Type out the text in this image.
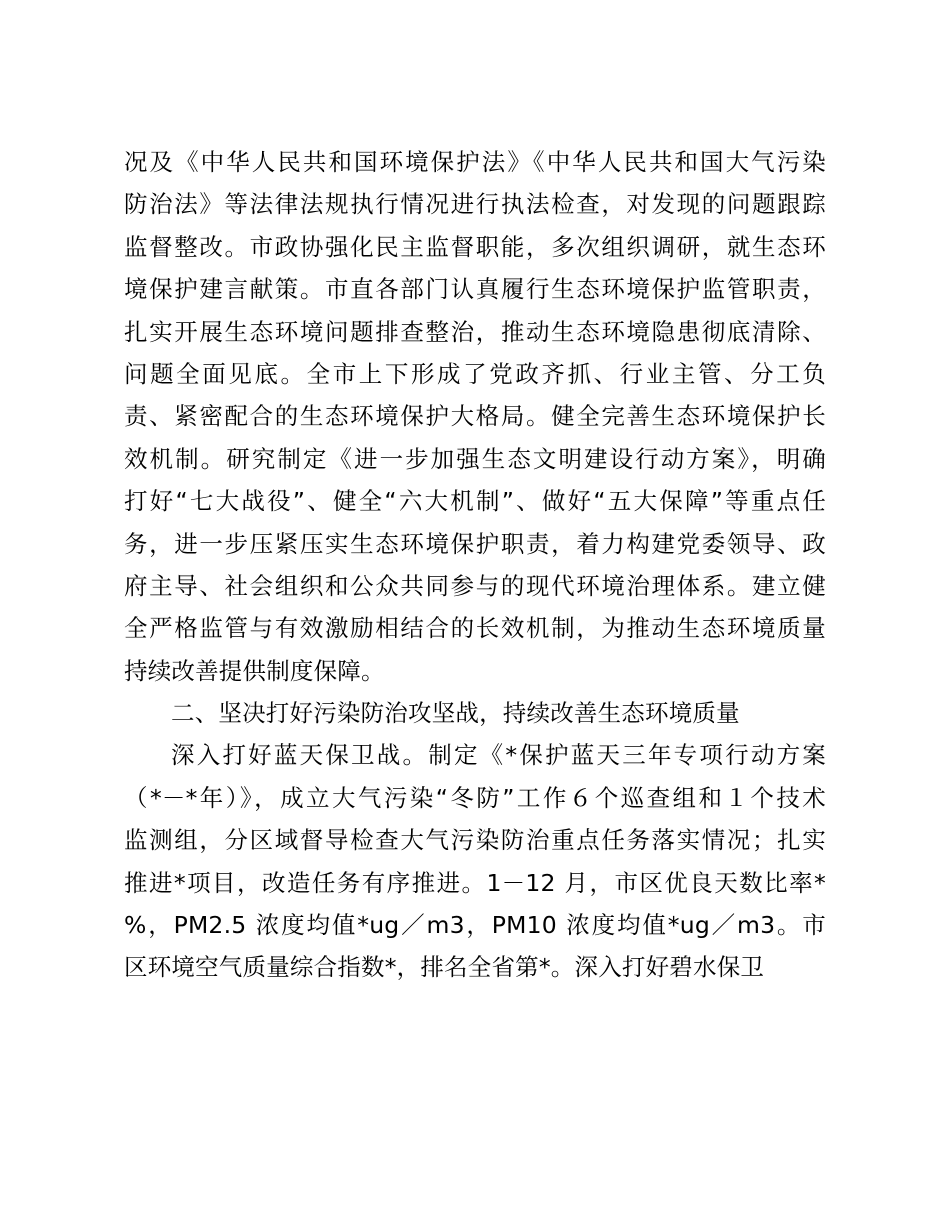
况及《中华人民共和国环境保护法》《中华人民共和国大气污染
防治法》等法律法规执行情况进行执法检查，对发现的问题跟踪
监督整改。市政协强化民主监督职能，多次组织调研，就生态环
境保护建言献策。市直各部门认真履行生态环境保护监管职责，
扎实开展生态环境问题排查整治，推动生态环境隐患彻底清除、
问题全面见底。全市上下形成了党政齐抓、行业主管、分工负
责、紧密配合的生态环境保护大格局。健全完善生态环境保护长
效机制。研究制定《进一步加强生态文明建设行动方案》，明确
打好“七大战役”、健全“六大机制”、做好“五大保障”等重点任
务，进一步压紧压实生态环境保护职责，着力构建党委领导、政
府主导、社会组织和公众共同参与的现代环境治理体系。建立健
全严格监管与有效激励相结合的长效机制，为推动生态环境质量
持续改善提供制度保障。
二、坚决打好污染防治攻坚战，持续改善生态环境质量
深入打好蓝天保卫战。制定《*保护蓝天三年专项行动方案
（*－*年）》，成立大气污染“冬防”工作６个巡查组和１个技术
监测组，分区域督导检查大气污染防治重点任务落实情况；扎实
推进*项目，改造任务有序推进。1－12 月，市区优良天数比率*
%，PM2.5 浓度均值*ug／m3，PM10 浓度均值*ug／m3。市
区环境空气质量综合指数*，排名全省第*。深入打好碧水保卫
